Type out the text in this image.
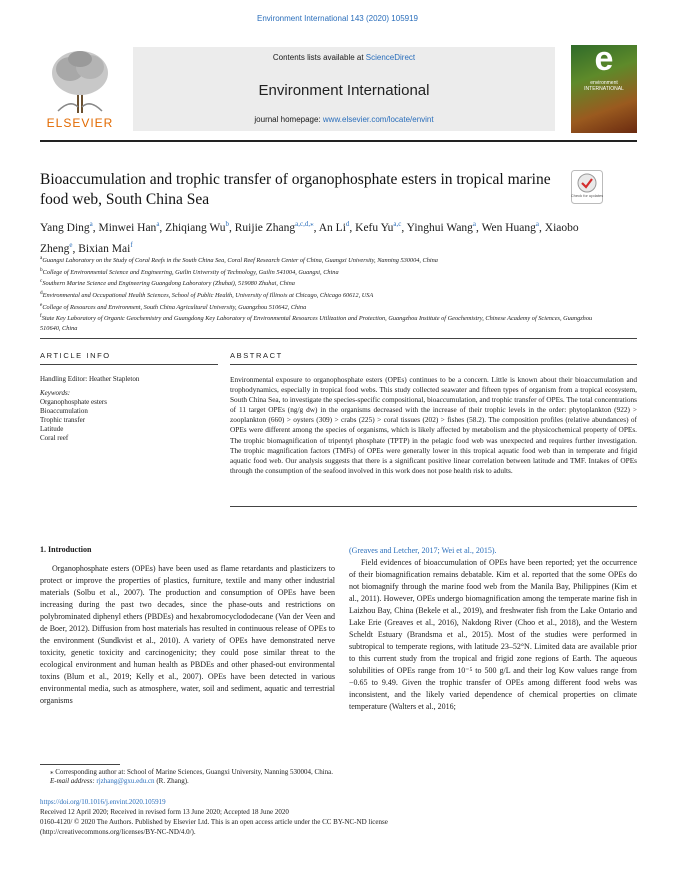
Environment International 143 (2020) 105919
Contents lists available at ScienceDirect
Environment International
journal homepage: www.elsevier.com/locate/envint
ELSEVIER
e
environment INTERNATIONAL
Bioaccumulation and trophic transfer of organophosphate esters in tropical marine food web, South China Sea	Check for updates
Yang Ding$^a$, Minwei Han$^a$, Zhiqiang Wu$^b$, Ruijie Zhang$^{a,c,d,⁎}$, An Li$^d$, Kefu Yu$^{a,c}$, Yinghui Wang$^a$, Wen Huang$^a$, Xiaobo Zheng$^e$, Bixian Mai$^f$
$^a$Guangxi Laboratory on the Study of Coral Reefs in the South China Sea, Coral Reef Research Center of China, Guangxi University, Nanning 530004, China
$^b$College of Environmental Science and Engineering, Guilin University of Technology, Guilin 541004, Guangxi, China
$^c$Southern Marine Science and Engineering Guangdong Laboratory (Zhuhai), 519080 Zhuhai, China
$^d$Environmental and Occupational Health Sciences, School of Public Health, University of Illinois at Chicago, Chicago 60612, USA
$^e$College of Resources and Environment, South China Agricultural University, Guangzhou 510642, China
$^f$State Key Laboratory of Organic Geochemistry and Guangdong Key Laboratory of Environmental Resources Utilization and Protection, Guangzhou Institute of Geochemistry, Chinese Academy of Sciences, Guangzhou 510640, China
ARTICLE INFO	ABSTRACT
Handling Editor: Heather Stapleton
Keywords:
Organophosphate esters
Bioaccumulation
Trophic transfer
Latitude
Coral reef
Environmental exposure to organophosphate esters (OPEs) continues to be a concern. Little is known about their bioaccumulation and trophodynamics, especially in tropical food webs. This study collected seawater and fifteen types of organism from a tropical ecosystem, South China Sea, to investigate the species-specific compositional, bioaccumulation, and trophic transfer of OPEs. The total concentrations of 11 target OPEs (ng/g dw) in the organisms decreased with the increase of their trophic levels in the order: phytoplankton (922) > zooplankton (660) > oysters (309) > crabs (225) > coral tissues (202) > fishes (58.2). The composition profiles (relative abundances) of OPEs were different among the species of organisms, which is likely affected by metabolism and the physicochemical property of OPEs. The trophic biomagnification of tripentyl phosphate (TPTP) in the pelagic food web was unexpected and requires further investigation. The trophic magnification factors (TMFs) of OPEs were generally lower in this tropical aquatic food web than in temperate and frigid aquatic food web. Our analysis suggests that there is a significant positive linear correlation between latitude and TMF. Intakes of OPEs through the consumption of the seafood involved in this work does not pose health risk to adults.
1. Introduction
Organophosphate esters (OPEs) have been used as flame retardants and plasticizers to protect or improve the properties of plastics, furniture, textile and many other industrial materials (Solbu et al., 2007). The production and consumption of OPEs have been increasing during the past two decades, since the phase-outs and restrictions on polybrominated diphenyl ethers (PBDEs) and hexabromocyclododecane (Van der Veen and de Boer, 2012). Diffusion from host materials has resulted in continuous release of OPEs to the environment (Sundkvist et al., 2010). A variety of OPEs have demonstrated nerve toxicity, genetic toxicity and carcinogenicity; they could pose similar threat to the ecological environment and human health as PBDEs and other phased-out environmental toxins (Blum et al., 2019; Kelly et al., 2007). OPEs have been detected in various environmental media, such as atmosphere, water, soil and sediment, aquatic and terrestrial organisms

(Greaves and Letcher, 2017; Wei et al., 2015).

Field evidences of bioaccumulation of OPEs have been reported; yet the occurrence of their biomagnification remains debatable. Kim et al. reported that the some OPEs do not biomagnify through the marine food web from the Manila Bay, Philippines (Kim et al., 2011). However, OPEs undergo biomagnification among the temperate marine fish in Laizhou Bay, China (Bekele et al., 2019), and freshwater fish from the Lake Ontario and Lake Erie (Greaves et al., 2016), Nakdong River (Choo et al., 2018), and the Western Scheldt Estuary (Brandsma et al., 2015). Most of the studies were performed in subtropical to temperate regions, with latitude 23–52°N. Limited data are available prior to this current study from the tropical and frigid zone regions of Earth. The aqueous solubilities of OPEs range from 10⁻⁵ to 500 g/L and their log Kow values range from −0.65 to 9.49. Given the trophic transfer of OPEs among different food webs was inconsistent, and the likely varied dependence of chemical properties on climate temperature (Walters et al., 2016;

⁎ Corresponding author at: School of Marine Sciences, Guangxi University, Nanning 530004, China.
E-mail address: rjzhang@gxu.edu.cn (R. Zhang).
https://doi.org/10.1016/j.envint.2020.105919
Received 12 April 2020; Received in revised form 13 June 2020; Accepted 18 June 2020
0160-4120/ © 2020 The Authors. Published by Elsevier Ltd. This is an open access article under the CC BY-NC-ND license
(http://creativecommons.org/licenses/BY-NC-ND/4.0/).
